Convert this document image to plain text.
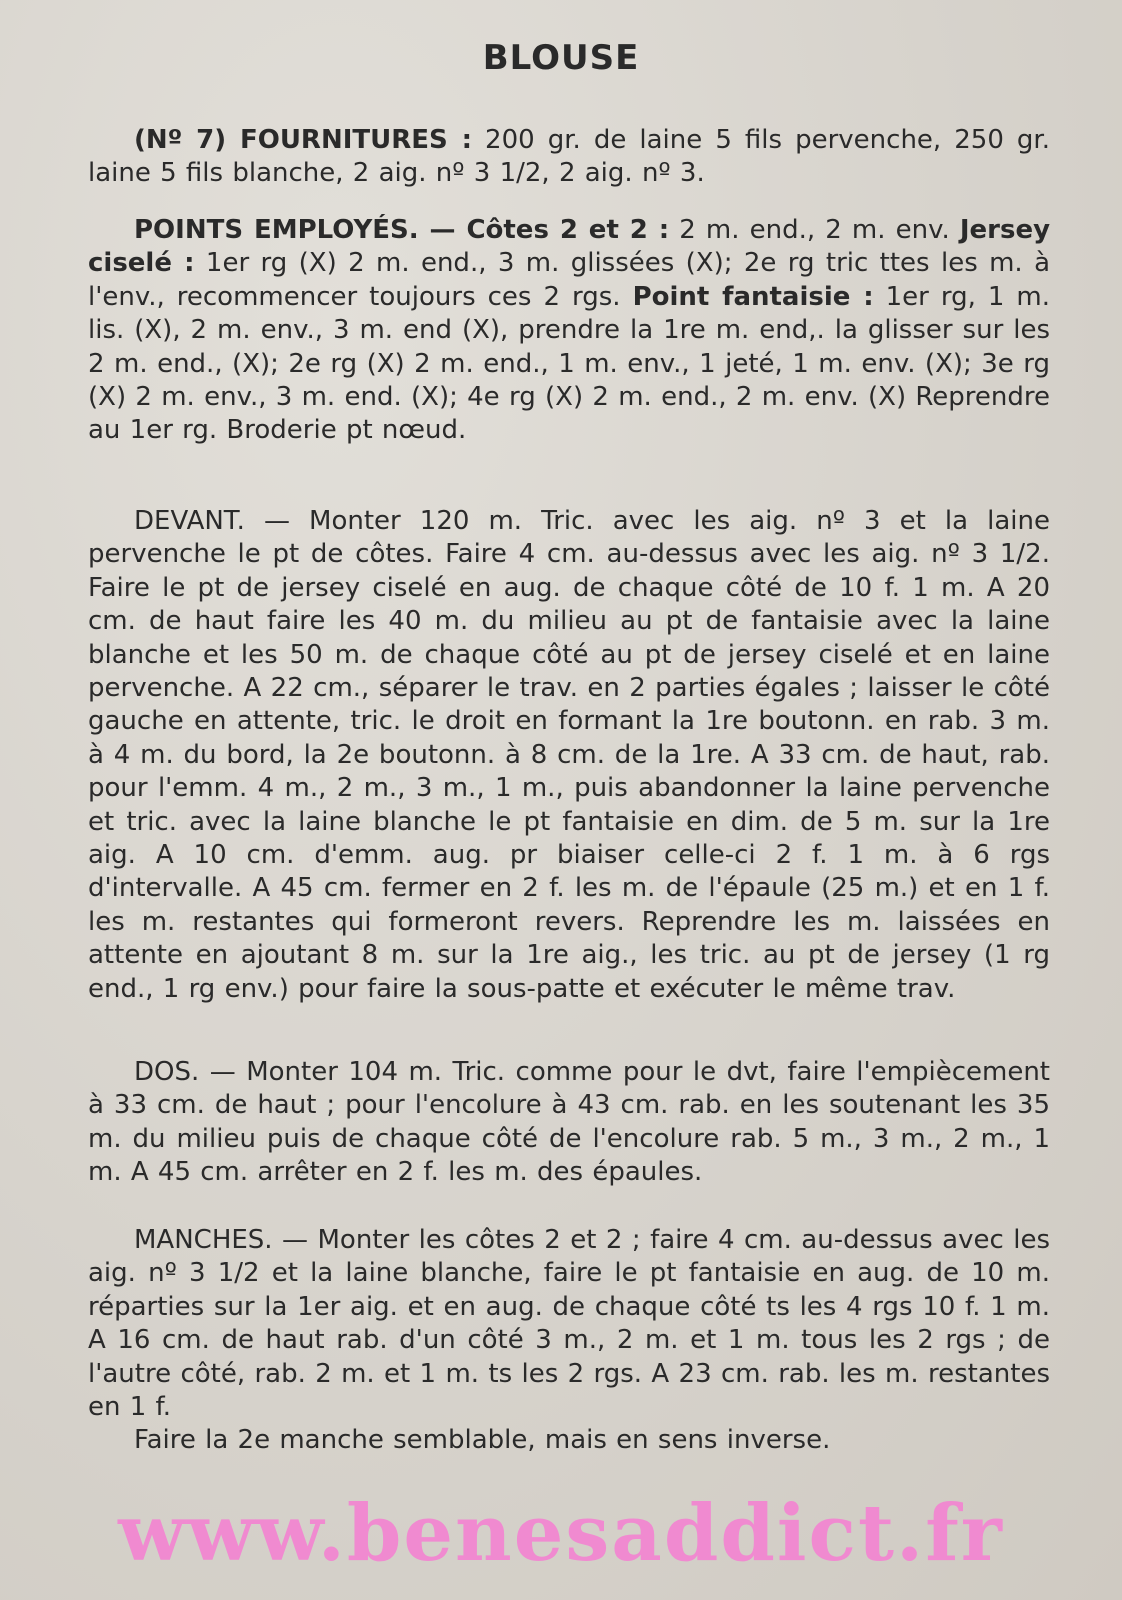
BLOUSE

(Nº 7) FOURNITURES : 200 gr. de laine 5 fils pervenche, 250 gr. laine 5 fils blanche, 2 aig. nº 3 1/2, 2 aig. nº 3.

POINTS EMPLOYÉS. — Côtes 2 et 2 : 2 m. end., 2 m. env. Jersey ciselé : 1er rg (X) 2 m. end., 3 m. glissées (X); 2e rg tric ttes les m. à l'env., recommencer toujours ces 2 rgs. Point fantaisie : 1er rg, 1 m. lis. (X), 2 m. env., 3 m. end (X), prendre la 1re m. end,. la glisser sur les 2 m. end., (X); 2e rg (X) 2 m. end., 1 m. env., 1 jeté, 1 m. env. (X); 3e rg (X) 2 m. env., 3 m. end. (X); 4e rg (X) 2 m. end., 2 m. env. (X) Reprendre au 1er rg. Broderie pt nœud.

DEVANT. — Monter 120 m. Tric. avec les aig. nº 3 et la laine pervenche le pt de côtes. Faire 4 cm. au-dessus avec les aig. nº 3 1/2. Faire le pt de jersey ciselé en aug. de chaque côté de 10 f. 1 m. A 20 cm. de haut faire les 40 m. du milieu au pt de fantaisie avec la laine blanche et les 50 m. de chaque côté au pt de jersey ciselé et en laine pervenche. A 22 cm., séparer le trav. en 2 parties égales ; laisser le côté gauche en attente, tric. le droit en formant la 1re boutonn. en rab. 3 m. à 4 m. du bord, la 2e boutonn. à 8 cm. de la 1re. A 33 cm. de haut, rab. pour l'emm. 4 m., 2 m., 3 m., 1 m., puis abandonner la laine pervenche et tric. avec la laine blanche le pt fantaisie en dim. de 5 m. sur la 1re aig. A 10 cm. d'emm. aug. pr biaiser celle-ci 2 f. 1 m. à 6 rgs d'intervalle. A 45 cm. fermer en 2 f. les m. de l'épaule (25 m.) et en 1 f. les m. restantes qui formeront revers. Reprendre les m. laissées en attente en ajoutant 8 m. sur la 1re aig., les tric. au pt de jersey (1 rg end., 1 rg env.) pour faire la sous-patte et exécuter le même trav.

DOS. — Monter 104 m. Tric. comme pour le dvt, faire l'empiècement à 33 cm. de haut ; pour l'encolure à 43 cm. rab. en les soutenant les 35 m. du milieu puis de chaque côté de l'encolure rab. 5 m., 3 m., 2 m., 1 m. A 45 cm. arrêter en 2 f. les m. des épaules.

MANCHES. — Monter les côtes 2 et 2 ; faire 4 cm. au-dessus avec les aig. nº 3 1/2 et la laine blanche, faire le pt fantaisie en aug. de 10 m. réparties sur la 1er aig. et en aug. de chaque côté ts les 4 rgs 10 f. 1 m. A 16 cm. de haut rab. d'un côté 3 m., 2 m. et 1 m. tous les 2 rgs ; de l'autre côté, rab. 2 m. et 1 m. ts les 2 rgs. A 23 cm. rab. les m. restantes en 1 f.

Faire la 2e manche semblable, mais en sens inverse.

www.benesaddict.fr
